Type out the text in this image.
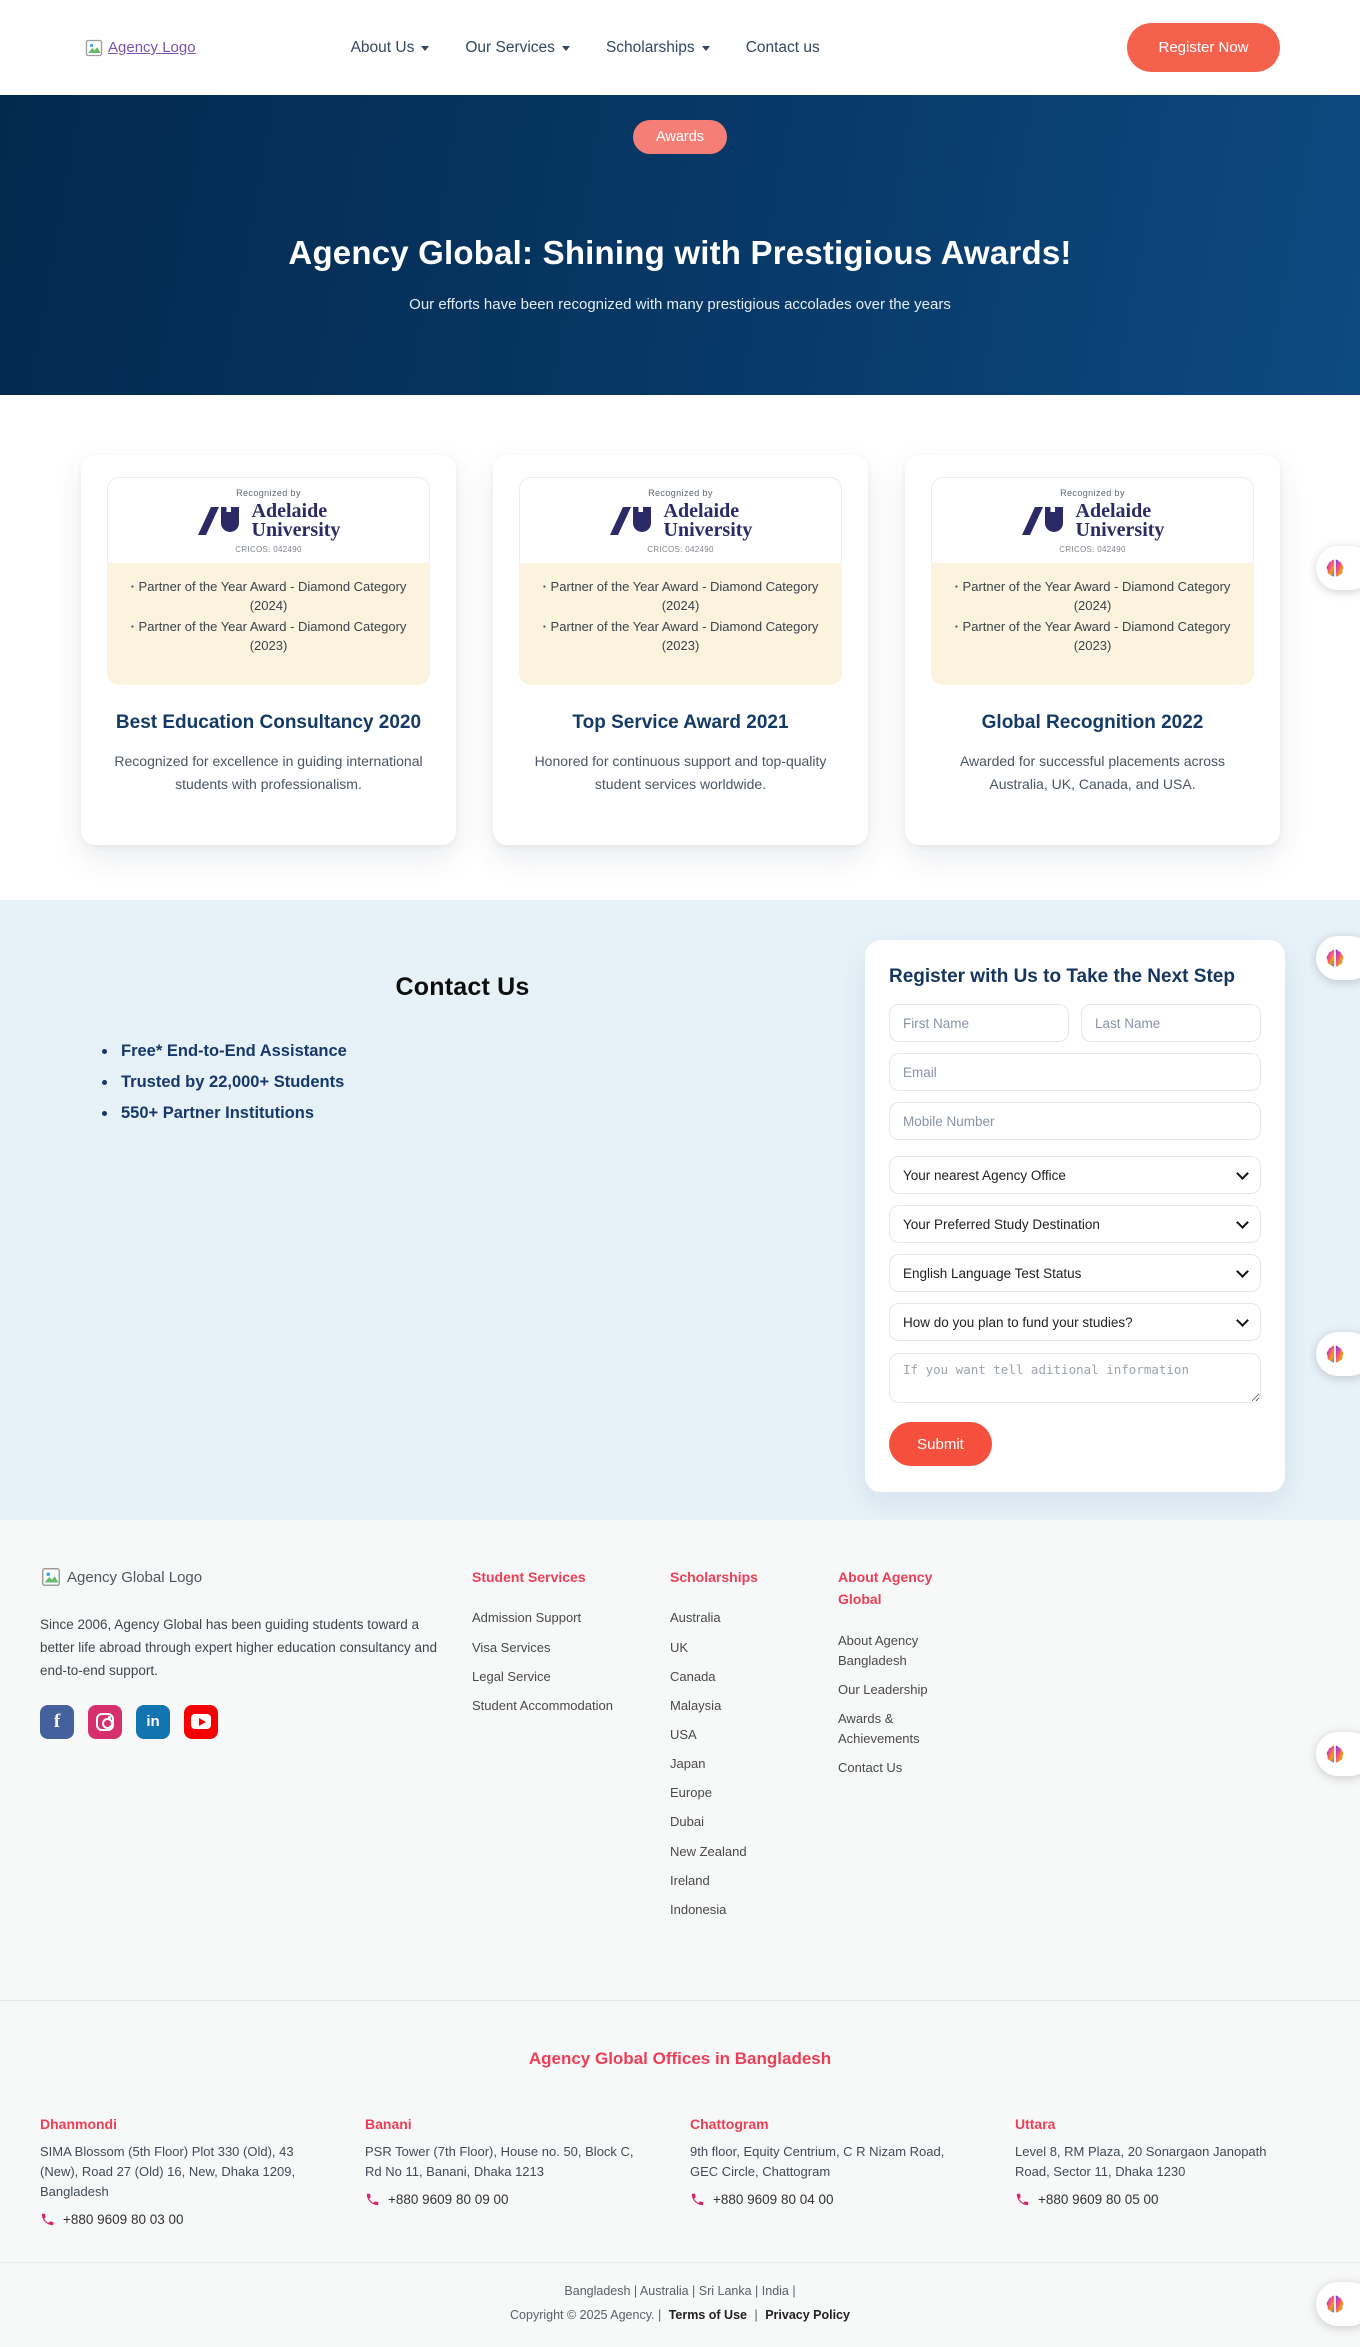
Agency Logo	About Us	Our Services	Scholarships	Contact us	Register Now
Awards
Agency Global: Shining with Prestigious Awards!

Our efforts have been recognized with many prestigious accolades over the years

Recognized by
Adelaide
University
CRICOS: 042490
· Partner of the Year Award - Diamond Category (2024)
· Partner of the Year Award - Diamond Category (2023)
Best Education Consultancy 2020

Recognized for excellence in guiding international students with professionalism.

Recognized by
Adelaide
University
CRICOS: 042490
· Partner of the Year Award - Diamond Category (2024)
· Partner of the Year Award - Diamond Category (2023)
Top Service Award 2021

Honored for continuous support and top-quality student services worldwide.

Recognized by
Adelaide
University
CRICOS: 042490
· Partner of the Year Award - Diamond Category (2024)
· Partner of the Year Award - Diamond Category (2023)
Global Recognition 2022

Awarded for successful placements across Australia, UK, Canada, and USA.

Contact Us
• Free* End-to-End Assistance
• Trusted by 22,000+ Students
• 550+ Partner Institutions
Register with Us to Take the Next Step
First Name
Last Name
Email Mobile Number
Your nearest Agency Office
Your Preferred Study Destination
English Language Test Status
How do you plan to fund your studies?
If you want tell aditional information Submit
Agency Global Logo

Since 2006, Agency Global has been guiding students toward a better life abroad through expert higher education consultancy and end-to-end support.

f	in
Student Services
Admission Support
Visa Services
Legal Service
Student Accommodation
Scholarships
Australia
UK
Canada
Malaysia
USA
Japan
Europe
Dubai
New Zealand
Ireland
Indonesia
About Agency Global
About Agency Bangladesh
Our Leadership
Awards & Achievements
Contact Us
Agency Global Offices in Bangladesh
Dhanmondi
SIMA Blossom (5th Floor) Plot 330 (Old), 43 (New), Road 27 (Old) 16, New, Dhaka 1209, Bangladesh
+880 9609 80 03 00
Banani
PSR Tower (7th Floor), House no. 50, Block C, Rd No 11, Banani, Dhaka 1213
+880 9609 80 09 00
Chattogram
9th floor, Equity Centrium, C R Nizam Road, GEC Circle, Chattogram
+880 9609 80 04 00
Uttara
Level 8, RM Plaza, 20 Sonargaon Janopath Road, Sector 11, Dhaka 1230
+880 9609 80 05 00
Bangladesh | Australia | Sri Lanka | India |
Copyright © 2025 Agency. | Terms of Use | Privacy Policy
